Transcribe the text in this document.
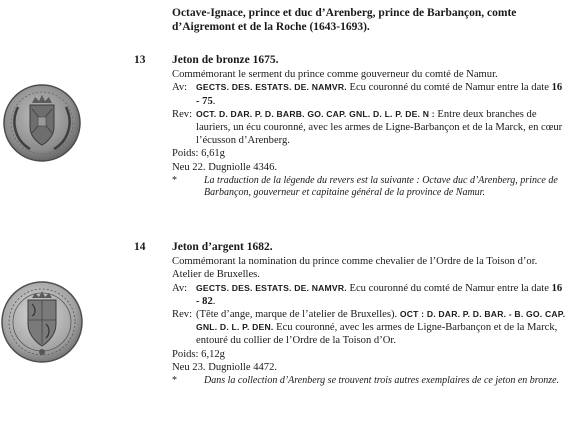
Octave-Ignace, prince et duc d’Arenberg, prince de Barbançon, comte d’Aigremont et de la Roche (1643-1693).
13 Jeton de bronze 1675.
Commémorant le serment du prince comme gouverneur du comté de Namur.
Av:	GECTS. DES. ESTATS. DE. NAMVR. Ecu couronné du comté de Namur entre la date 16 - 75.
Rev: OCT. D. DAR. P. D. BARB. GO. CAP. GNL. D. L. P. DE. N : Entre deux branches de lauriers, un écu couronné, avec les armes de Ligne-Barbançon et de la Marck, en cœur l’écusson d’Arenberg.
Poids: 6,61g
Neu 22. Dugniolle 4346.
*	La traduction de la légende du revers est la suivante : Octave duc d’Arenberg, prince de Barbançon, gouverneur et capitaine général de la province de Namur.
14 Jeton d’argent 1682.
Commémorant la nomination du prince comme chevalier de l’Ordre de la Toison d’or.
Atelier de Bruxelles.
Av:	GECTS. DES. ESTATS. DE. NAMVR. Ecu couronné du comté de Namur entre la date 16 - 82.
Rev: (Tête d’ange, marque de l’atelier de Bruxelles). OCT : D. DAR. P. D. BAR. - B. GO. CAP. GNL. D. L. P. DEN. Ecu couronné, avec les armes de Ligne-Barbançon et de la Marck, entouré du collier de l’Ordre de la Toison d’Or.
Poids: 6,12g
Neu 23. Dugniolle 4472.
*	Dans la collection d’Arenberg se trouvent trois autres exemplaires de ce jeton en bronze.
